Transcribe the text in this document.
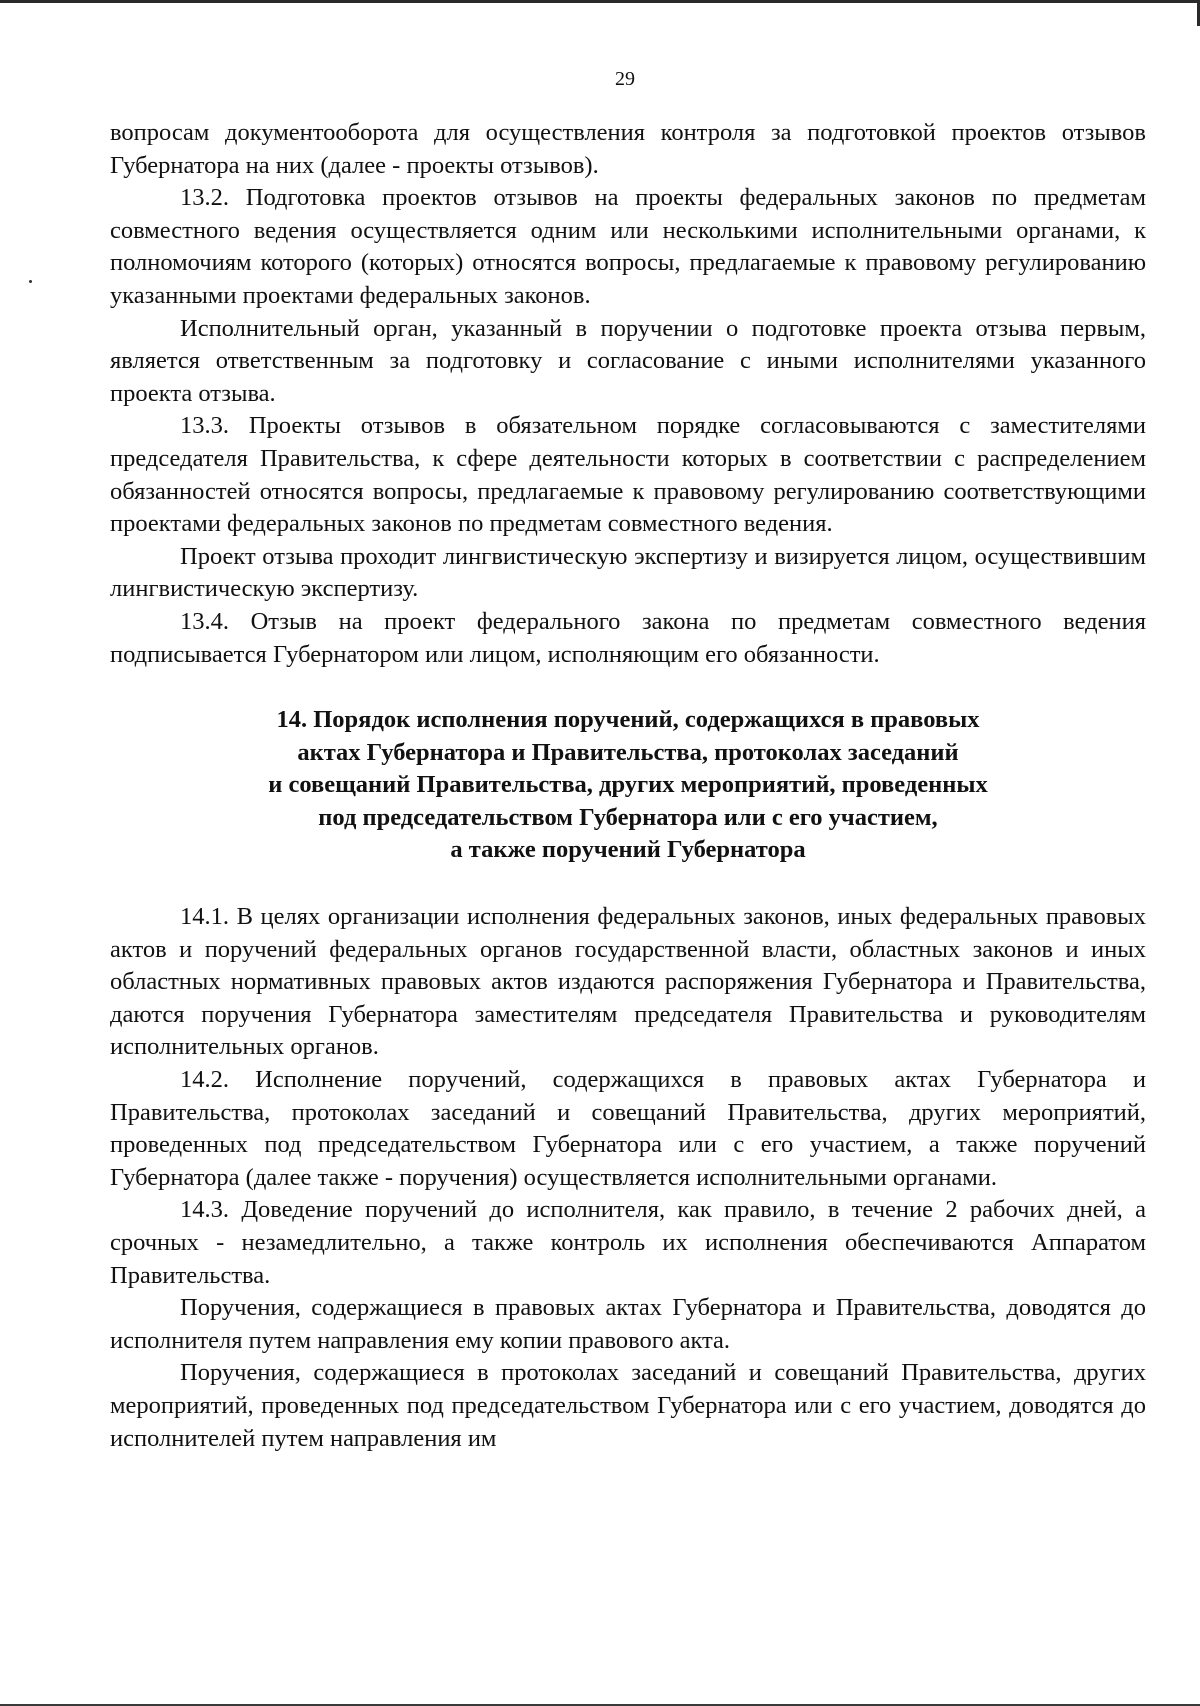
29

вопросам документооборота для осуществления контроля за подготовкой проектов отзывов Губернатора на них (далее - проекты отзывов).

13.2. Подготовка проектов отзывов на проекты федеральных законов по предметам совместного ведения осуществляется одним или несколькими исполнительными органами, к полномочиям которого (которых) относятся вопросы, предлагаемые к правовому регулированию указанными проектами федеральных законов.

Исполнительный орган, указанный в поручении о подготовке проекта отзыва первым, является ответственным за подготовку и согласование с иными исполнителями указанного проекта отзыва.

13.3. Проекты отзывов в обязательном порядке согласовываются с заместителями председателя Правительства, к сфере деятельности которых в соответствии с распределением обязанностей относятся вопросы, предлагаемые к правовому регулированию соответствующими проектами федеральных законов по предметам совместного ведения.

Проект отзыва проходит лингвистическую экспертизу и визируется лицом, осуществившим лингвистическую экспертизу.

13.4. Отзыв на проект федерального закона по предметам совместного ведения подписывается Губернатором или лицом, исполняющим его обязанности.

14. Порядок исполнения поручений, содержащихся в правовых
актах Губернатора и Правительства, протоколах заседаний
и совещаний Правительства, других мероприятий, проведенных
под председательством Губернатора или с его участием,
а также поручений Губернатора

14.1. В целях организации исполнения федеральных законов, иных федеральных правовых актов и поручений федеральных органов государственной власти, областных законов и иных областных нормативных правовых актов издаются распоряжения Губернатора и Правительства, даются поручения Губернатора заместителям председателя Правительства и руководителям исполнительных органов.

14.2. Исполнение поручений, содержащихся в правовых актах Губернатора и Правительства, протоколах заседаний и совещаний Правительства, других мероприятий, проведенных под председательством Губернатора или с его участием, а также поручений Губернатора (далее также - поручения) осуществляется исполнительными органами.

14.3. Доведение поручений до исполнителя, как правило, в течение 2 рабочих дней, а срочных - незамедлительно, а также контроль их исполнения обеспечиваются Аппаратом Правительства.

Поручения, содержащиеся в правовых актах Губернатора и Правительства, доводятся до исполнителя путем направления ему копии правового акта.

Поручения, содержащиеся в протоколах заседаний и совещаний Правительства, других мероприятий, проведенных под председательством Губернатора или с его участием, доводятся до исполнителей путем направления им
